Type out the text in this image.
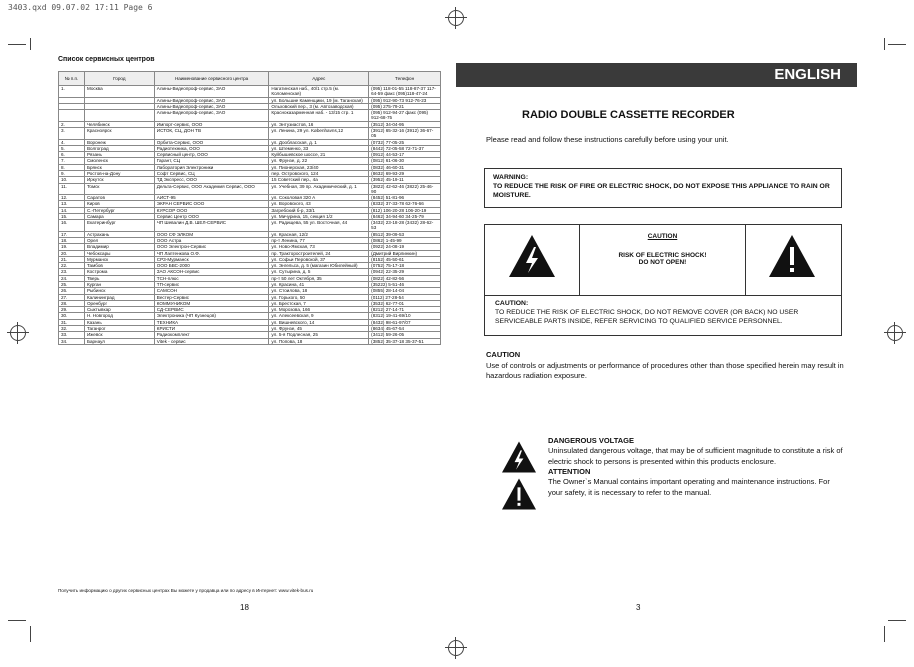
3403.qxd 09.07.02 17:11 Page 6
Список сервисных центров
№ п.п.	Город	Наименование сервисного центра	Адрес	Телефон
1.	Москва	Алины-Видеопроф-сервис, ЗАО	Нагатинская наб., 40/1 стр.5 (м. Коломенская)	(095) 118-01-55 118-87-37 117-64-59 факс (095)118-47-24
		Алины-Видеопроф-сервис, ЗАО	ул. Большие Каменщики, 19 (м. Таганская)	(095) 912-90-73 912-76-23
		Алины-Видеопроф-сервис, ЗАО	Ольховский пер., 3 (м. Автозаводская)	(095) 275-79-21
		Алины-Видеопроф-сервис, ЗАО	Красноказарменная наб. - 13/15 стр. 1	(095) 912-94-27 факс (095) 912-68-75
2.	Челябинск	Импорт-сервис, ООО	ул. Энтузиастов, 16	(3512) 34-04-95
3.	Красноярск	ИСТОК, СЦ, ДОН ТВ	ул. Ленина, 29 ул. Københavns,12	(3912) 65-32-16 (3912) 36-67-05
4.	Воронеж	Орбита-Сервис, ООО	ул. Дообласская, д. 1	(0732) 77-05-25
5.	Волгоград	Радиотехника, ООО	ул. Штеменко, 33	(8442) 72-05-58 72-71-37
6.	Рязань	Сервисный центр, ООО	Куйбышевское шоссе, 21	(0912) 44-53-17
7.	Смоленск	Гарант, СЦ	ул. Фрунзе, д. 22	(0812) 61-06-30
8.	Брянск	Лаборатория Электроники	ул. Пионерская, 23/40	(0832) 46-60-31
9.	Ростов-на-Дону	Софт Сервис, СЦ	пер. Островского, 124	(8632) 69-93-29
10.	Иркутск	ТД Экспресс, ООО	15 Советский пер., 4а	(3952) 45-19-11
11.	Томск	Дельта-Сервис, ООО Академия Сервис, ООО	ул. Учебная, 39 пр. Академический, д. 1	(3822) 42-62-46 (3822) 25-46-90
12.	Саратов	АИСТ-95	ул. Соколовая 320 А	(8452) 51-81-96
13.	Киров	ЭКРАН СЕРВИС ООО	ул. Воровского, 43	(8332) 37-33-78 62-76-66
14.	С.-Петербург	КУРСОР ООО	Загребский б-р, 33/1	(812) 106-20-28 106-20-19
15.	Самара	Сервис Центр ООО	ул. Мичурина, 15, секция 1/2	(8462) 34-94-60 34-25-79
16.	Екатеринбург	ЧП Шевалин Д.В. ШЕЛ-СЕРВИС	ул. Радищева, 55 ул. Восточная, 44	(3432) 23-18-28 (3432) 28-62-53
17.	Астрахань	ООО СФ ЭЛКОМ	ул. Красная, 12/2	(8512) 39-09-53
18.	Орел	ООО Астра	пр-т Ленина, 77	(0862) 1-45-99
19.	Владимир	ООО Электрон-Сервис	ул. Ново-Ямская, 73	(0922) 24-08-19
20.	Чебоксары	ЧП Лаптенкова О.Ф.	пр. Тракторостроителей, 24	(Дмитрий Вирлинкин)
21.	Мурманск	СРЗ-Мурманск	ул. Софьи Перовской, 37	(8152) 45-50-61
22.	Тамбов	ООО БВС-2000	ул. Энгельса, д. 5 (магазин Юбилейный)	(0752) 75-17-18
23.	Кострома	ЗАО АКСОН-сервис	ул. Сутырина, д. 5	(0942) 22-35-29
24.	Тверь	ТСН-плюс	пр-т 50 лет Октября, 35	(0822) 42-82-56
25.	Курган	ТП-сервис	ул. Красина, 41	(35222) 5-51-46
26.	Рыбинск	САМСОН	ул. Стоилова, 18	(0855) 28-14-04
27.	Калининград	Вестер-Сервис	ул. Горького, 50	(0112) 27-28-54
28.	Оренбург	КОММУНИКОМ	ул. Брестская, 7	(3532) 62-77-01
29.	Сыктывкар	СД-СЕРВИС	ул. Морозова, 166	(8212) 27-14-71
30.	Н. Новгород	Электроника (ЧП Кузнецов)	ул. Алексеевская, 9	(8312) 19-41-69/10
31.	Казань	ТЕХНИКА	ул. Вишневского, 14	(8432) 98-61-97/07
32.	Таганрог	КРИСТИ	ул. Фрунзе, 45	(8634) 45-67-54
33.	Ижевск	Радиокомплект	ул. 5-я Подлесная, 25	(3412) 59-26-05
34.	Барнаул	Vitek - сервис	ул. Попова, 18	(3852) 35-37-18 35-37-51
Получить информацию о других сервисных центрах Вы можете у продавца или по адресу в Интернет: www.vitek-bus.ru
18
ENGLISH
RADIO DOUBLE CASSETTE RECORDER
Please read and follow these instructions carefully before using your unit.
WARNING:
TO REDUCE THE RISK OF FIRE OR ELECTRIC SHOCK, DO NOT EXPOSE THIS APPLIANCE TO RAIN OR MOISTURE.
CAUTION
RISK OF ELECTRIC SHOCK!
DO NOT OPEN!
CAUTION:
TO REDUCE THE RISK OF ELECTRIC SHOCK, DO NOT REMOVE COVER (OR BACK) NO USER SERVICEABLE PARTS INSIDE, REFER SERVICING TO QUALIFIED SERVICE PERSONNEL.
CAUTION
Use of controls or adjustments or performance of procedures other than those specified herein may result in hazardous radiation exposure.
DANGEROUS VOLTAGE
Uninsulated dangerous voltage, that may be of sufficient magnitude to constitute a risk of electric shock to persons is presented within this products enclosure.
ATTENTION
The Owner`s Manual contains important operating and maintenance instructions. For your safety, it is necessary to refer to the manual.
3
